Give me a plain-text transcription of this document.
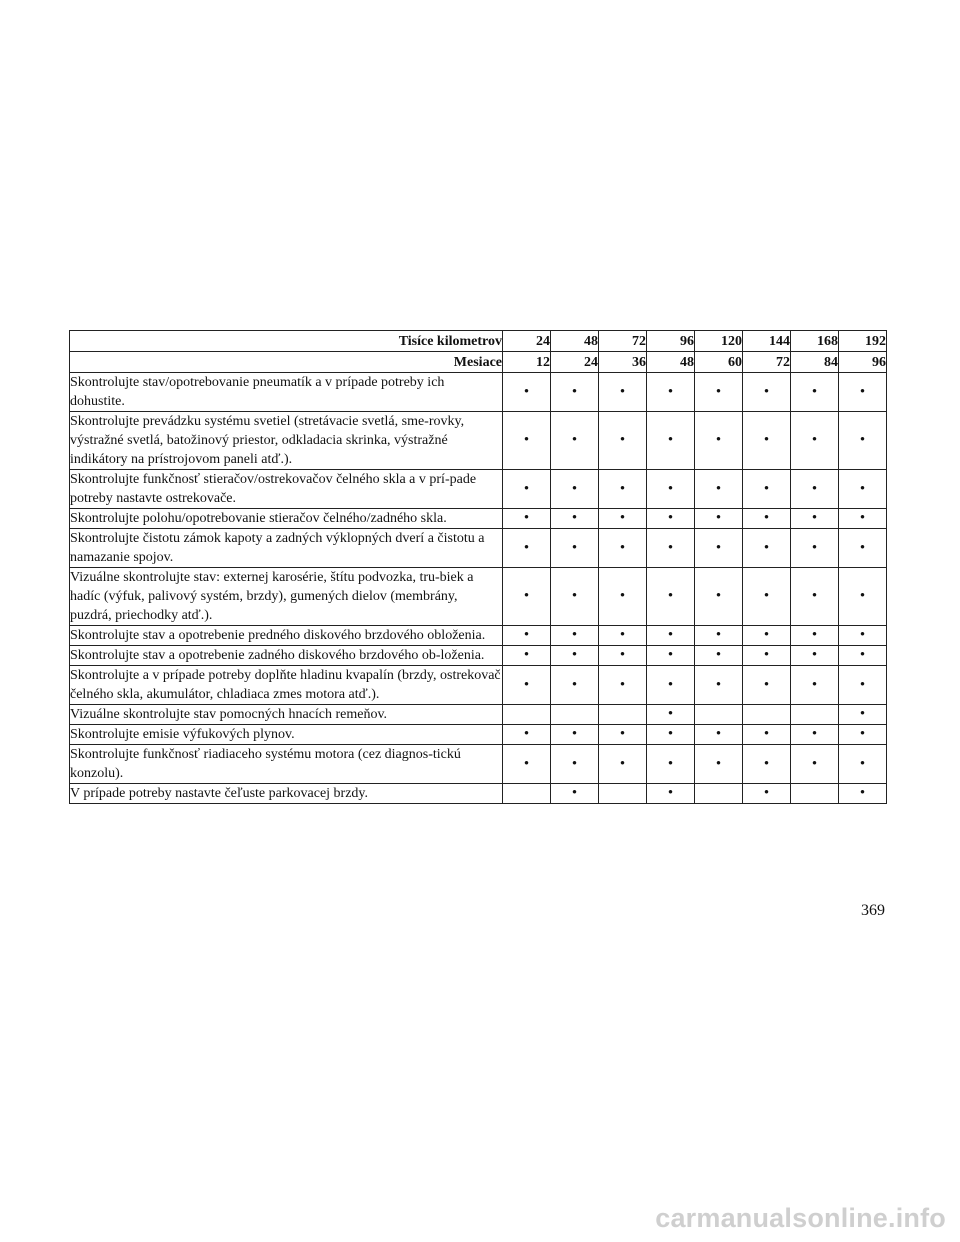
Tisíce kilometrov	24	48	72	96	120	144	168	192
Mesiace	12	24	36	48	60	72	84	96
Skontrolujte stav/opotrebovanie pneumatík a v prípade potreby ich dohustite.	•	•	•	•	•	•	•	•
Skontrolujte prevádzku systému svetiel (stretávacie svetlá, sme-rovky, výstražné svetlá, batožinový priestor, odkladacia skrinka, výstražné indikátory na prístrojovom paneli atď.).	•	•	•	•	•	•	•	•
Skontrolujte funkčnosť stieračov/ostrekovačov čelného skla a v prí-pade potreby nastavte ostrekovače.	•	•	•	•	•	•	•	•
Skontrolujte polohu/opotrebovanie stieračov čelného/zadného skla.	•	•	•	•	•	•	•	•
Skontrolujte čistotu zámok kapoty a zadných výklopných dverí a čistotu a namazanie spojov.	•	•	•	•	•	•	•	•
Vizuálne skontrolujte stav: externej karosérie, štítu podvozka, tru-biek a hadíc (výfuk, palivový systém, brzdy), gumených dielov (membrány, puzdrá, priechodky atď.).	•	•	•	•	•	•	•	•
Skontrolujte stav a opotrebenie predného diskového brzdového obloženia.	•	•	•	•	•	•	•	•
Skontrolujte stav a opotrebenie zadného diskového brzdového ob-loženia.	•	•	•	•	•	•	•	•
Skontrolujte a v prípade potreby doplňte hladinu kvapalín (brzdy, ostrekovač čelného skla, akumulátor, chladiaca zmes motora atď.).	•	•	•	•	•	•	•	•
Vizuálne skontrolujte stav pomocných hnacích remeňov.				•				•
Skontrolujte emisie výfukových plynov.	•	•	•	•	•	•	•	•
Skontrolujte funkčnosť riadiaceho systému motora (cez diagnos-tickú konzolu).	•	•	•	•	•	•	•	•
V prípade potreby nastavte čeľuste parkovacej brzdy.		•		•		•		•
369
carmanualsonline.info
